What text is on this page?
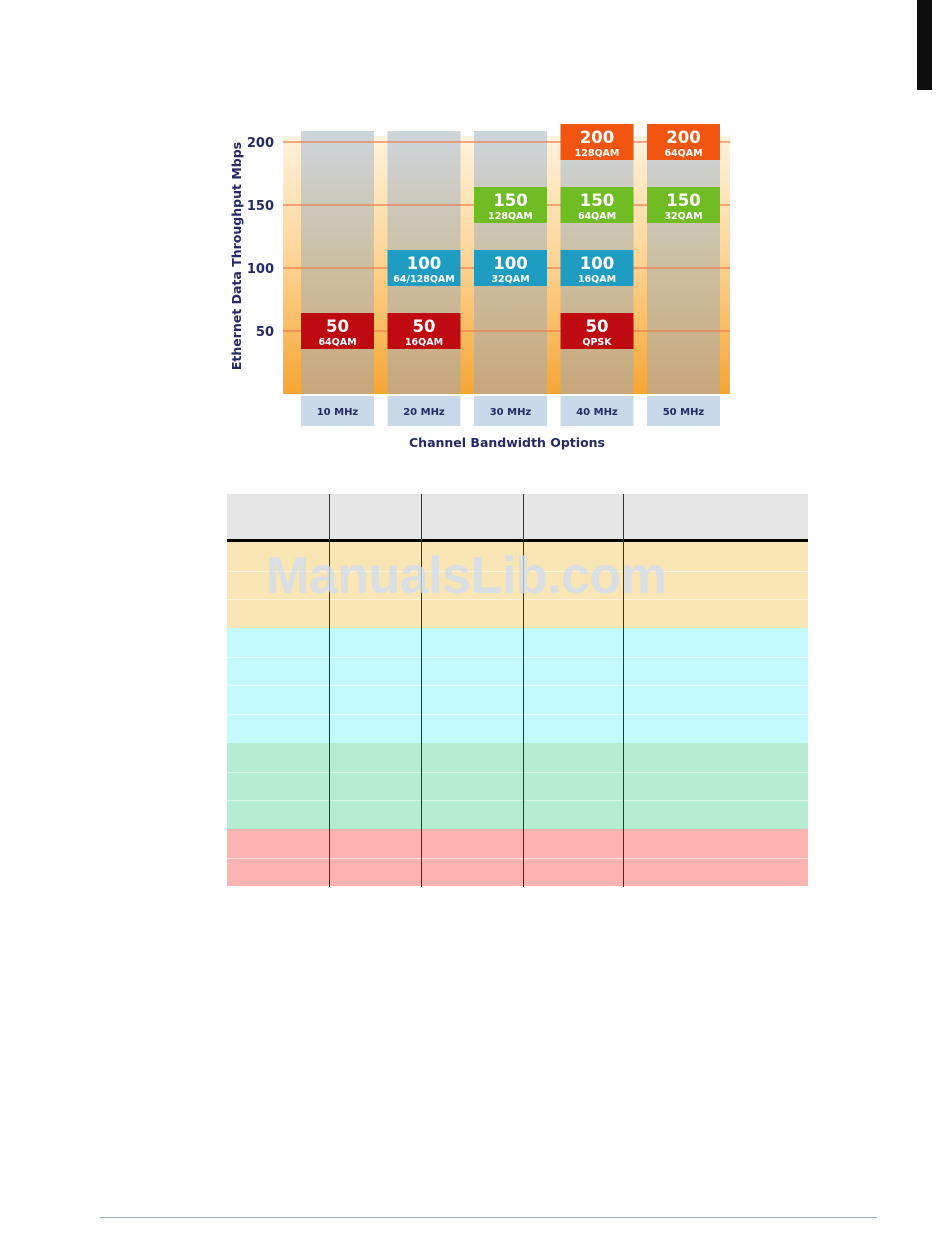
50
100
150
200
50
64QAM
50
16QAM
100
64/128QAM
100
32QAM
150
128QAM
50
QPSK
100
16QAM
150
64QAM
200
128QAM
150
32QAM
200
64QAM
10 MHz	20 MHz	30 MHz	40 MHz	50 MHz
Ethernet Data Throughput Mbps
Channel Bandwidth Options
ManualsLib.com
